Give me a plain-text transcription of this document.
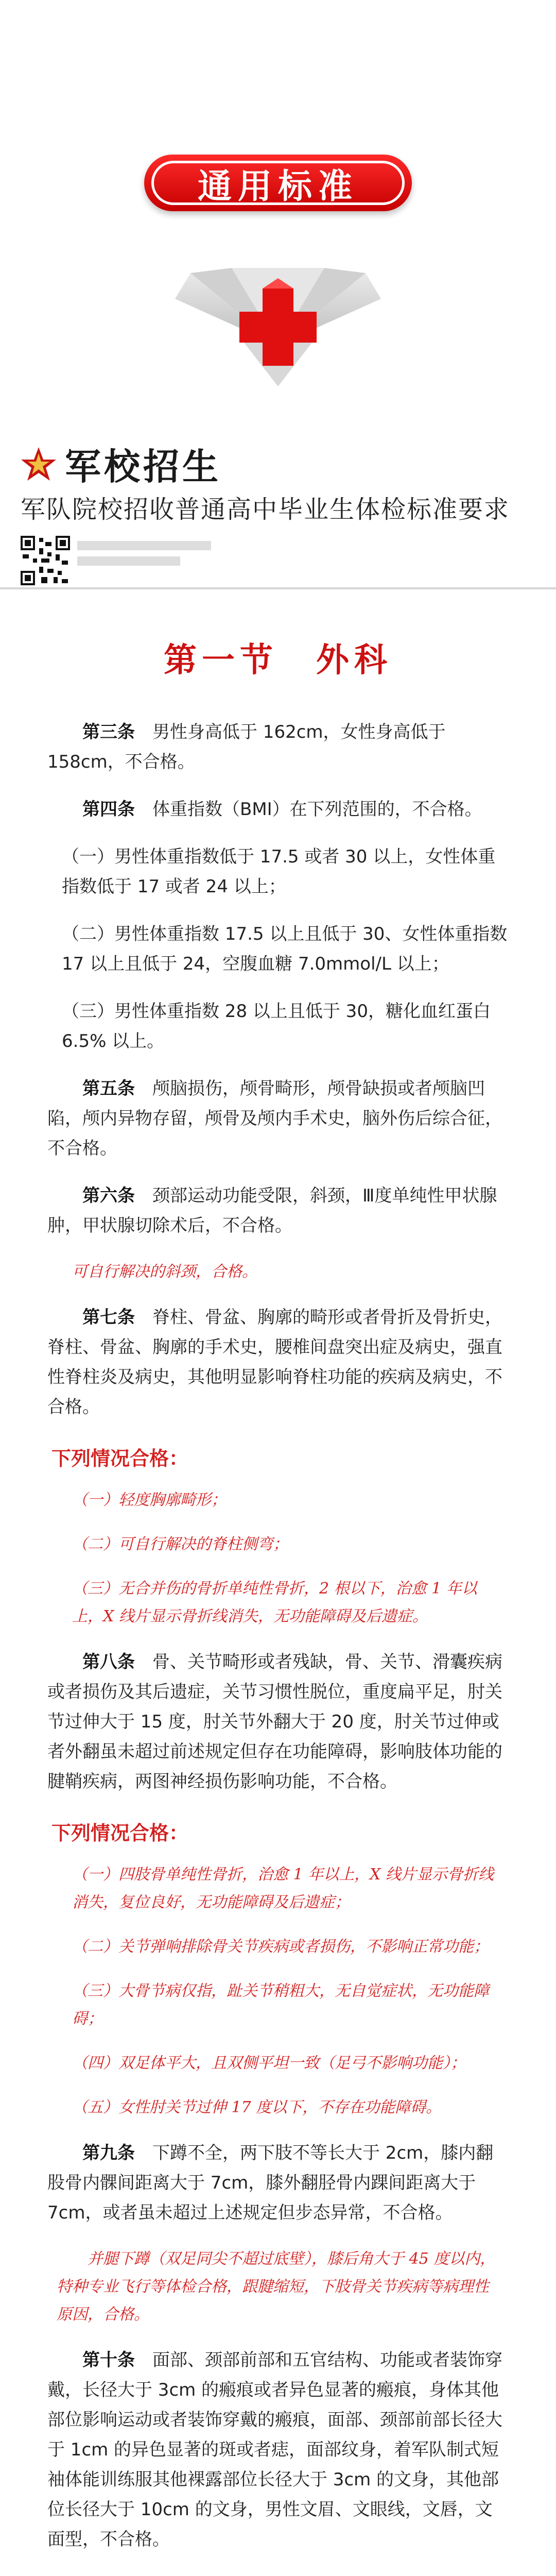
通用标准
军校招生
军队院校招收普通高中毕业生体检标准要求
第一节　外科

第三条　男性身高低于 162cm，女性身高低于 158cm，不合格。

第四条　体重指数（BMI）在下列范围的，不合格。

（一）男性体重指数低于 17.5 或者 30 以上，女性体重指数低于 17 或者 24 以上；

（二）男性体重指数 17.5 以上且低于 30、女性体重指数 17 以上且低于 24，空腹血糖 7.0mmol/L 以上；

（三）男性体重指数 28 以上且低于 30，糖化血红蛋白 6.5% 以上。

第五条　颅脑损伤，颅骨畸形，颅骨缺损或者颅脑凹陷，颅内异物存留，颅骨及颅内手术史，脑外伤后综合征，不合格。

第六条　颈部运动功能受限，斜颈，Ⅲ度单纯性甲状腺肿，甲状腺切除术后，不合格。

可自行解决的斜颈，合格。

第七条　脊柱、骨盆、胸廓的畸形或者骨折及骨折史，脊柱、骨盆、胸廓的手术史，腰椎间盘突出症及病史，强直性脊柱炎及病史，其他明显影响脊柱功能的疾病及病史，不合格。

下列情况合格：
（一）轻度胸廓畸形；
（二）可自行解决的脊柱侧弯；
（三）无合并伤的骨折单纯性骨折，2 根以下，治愈 1 年以上，X 线片显示骨折线消失，无功能障碍及后遗症。

第八条　骨、关节畸形或者残缺，骨、关节、滑囊疾病或者损伤及其后遗症，关节习惯性脱位，重度扁平足，肘关节过伸大于 15 度，肘关节外翻大于 20 度，肘关节过伸或者外翻虽未超过前述规定但存在功能障碍，影响肢体功能的腱鞘疾病，两图神经损伤影响功能，不合格。

下列情况合格：
（一）四肢骨单纯性骨折，治愈 1 年以上，X 线片显示骨折线消失，复位良好，无功能障碍及后遗症；
（二）关节弹响排除骨关节疾病或者损伤，不影响正常功能；
（三）大骨节病仅指，趾关节稍粗大，无自觉症状，无功能障碍；
（四）双足体平大，且双侧平坦一致（足弓不影响功能）；
（五）女性肘关节过伸 17 度以下，不存在功能障碍。

第九条　下蹲不全，两下肢不等长大于 2cm，膝内翻股骨内髁间距离大于 7cm，膝外翻胫骨内踝间距离大于 7cm，或者虽未超过上述规定但步态异常，不合格。

并腿下蹲（双足同尖不超过底壁），膝后角大于 45 度以内，特种专业飞行等体检合格，跟腱缩短，下肢骨关节疾病等病理性原因，合格。

第十条　面部、颈部前部和五官结构、功能或者装饰穿戴，长径大于 3cm 的瘢痕或者异色显著的瘢痕，身体其他部位影响运动或者装饰穿戴的瘢痕，面部、颈部前部长径大于 1cm 的异色显著的斑或者痣，面部纹身，着军队制式短袖体能训练服其他裸露部位长径大于 3cm 的文身，其他部位长径大于 10cm 的文身，男性文眉、文眼线，文唇，文面型，不合格。
